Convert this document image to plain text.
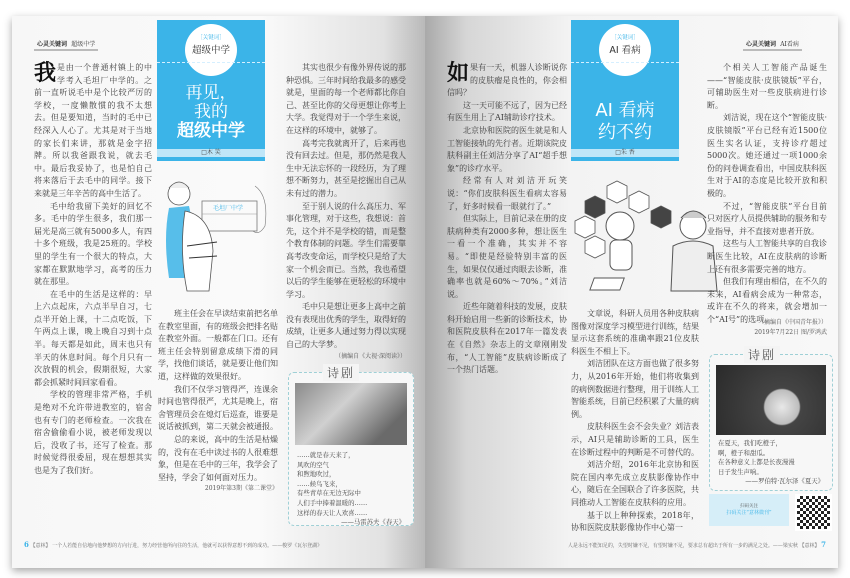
心灵关键词 超级中学

我是由一个普通村镇上的中学考入毛坦厂中学的。之前一直听说毛中是个比较严厉的学校，一度懒散惯的我不太想去。但是要知道，当时的毛中已经深入人心了。尤其是对于当地的家长们来讲，那就是金字招牌。所以我爸跟我说，就去毛中。最后我妥协了，也是怕自己将来落后于去毛中的同学。接下来就是三年辛苦的高中生活了。

毛中给我留下美好的回忆不多。毛中的学生很多，我们那一届光是高三就有5000多人，有四十多个班级，我是25班的。学校里的学生有一个很大的特点，大家都在默默地学习，高考的压力就在那里。

在毛中的生活是这样的：早上六点起床，六点半早自习，七点半开始上课，十二点吃饭，下午两点上课，晚上晚自习到十点半。每天都是如此，周末也只有半天的休息时间。每个月只有一次放假的机会，假期很短，大家都会抓紧时间回家看看。

学校的管理非常严格，手机是绝对不允许带进教室的，宿舍也有专门的老师检查。一次我在宿舍偷偷看小说，被老师发现以后，没收了书，还写了检查。那时候觉得很委屈，现在想想其实也是为了我们好。

［关键词］
超级中学
再见，
我的
超级中学
□木 笑
毛坦厂中学

班主任会在早读结束前把名单在教室里面，有的班级会把排名贴在教室外面。一般都在门口。还有班主任会特别留意成绩下滑的同学，找他们谈话，就是要让他们知道，这样做的效果很好。

我们不仅学习管得严，连课余时间也管得很严，尤其是晚上，宿舍管理员会在熄灯后巡查，谁要是说话被抓到，第二天就会被通报。

总的来说，高中的生活是枯燥的，没有在毛中读过书的人很难想象，但是在毛中的三年，我学会了坚持，学会了如何面对压力。

2019年第3期《第二课堂》

其实也很少有像外界传说的那种恐惧。三年时间给我最多的感受就是，里面的每一个老师都比你自己、甚至比你的父母更想让你考上大学。我觉得对于一个学生来说，在这样的环境中，就够了。

高考完我就离开了，后来再也没有回去过。但是，那仍然是我人生中无法忘怀的一段经历，为了理想不断努力，甚至是挖掘出自己从未有过的潜力。

至于别人说的什么高压力、军事化管理，对于这些，我想说：首先，这个并不是学校的错，而是整个教育体制的问题。学生们需要靠高考改变命运，而学校只是给了大家一个机会而已。当然，我也希望以后的学生能够在更轻松的环境中学习。

毛中只是想让更多上高中之前没有表现出优秀的学生，取得好的成绩，让更多人通过努力得以实现自己的大学梦。

（摘编自《大视·深阅读》）
诗剧
……就是春天来了，
风吹的空气
和煦地吹过，
……候鸟飞来，
有些青草在无边无际中
人们手中捧着温暖的……
这样的春天让人欢喜……
——马雷苏夫《春天》
6 【意林】 一个人若能自信地向他梦想的方向行进，努力经营他所向往的生活，他就可以获得意想不到的成功。——梭罗《瓦尔登湖》
心灵关键词 AI看病

如果有一天，机器人诊断说你的皮肤瘤是良性的，你会相信吗？

这一天可能不远了，因为已经有医生用上了AI辅助诊疗技术。

北京协和医院的医生就是和人工智能接轨的先行者。近期该院皮肤科副主任刘洁分享了AI“超手想象”的诊疗水平。

经常有人对刘洁开玩笑说：“你们皮肤科医生看病太容易了，好多时候看一眼就行了。”

但实际上，目前记录在册的皮肤病种类有2000多种，想让医生一看一个准确，其实并不容易。“即使是经验特别丰富的医生，如果仅仅通过肉眼去诊断，准确率也就是60%～70%。”刘洁说。

近些年随着科技的发展，皮肤科开始启用一些新的诊断技术，协和医院皮肤科在2017年一篇发表在《自然》杂志上的文章刚刚发布，“人工智能”皮肤病诊断成了一个热门话题。

［关键词］
AI 看病
AI 看病
约不约
□朱 香

文章说，科研人员用各种皮肤病图像对深度学习模型进行训练，结果显示这套系统的准确率跟21位皮肤科医生不相上下。

刘洁团队在这方面也做了很多努力，从2016年开始，他们将收集到的病例数据进行整理，用于训练人工智能系统，目前已经积累了大量的病例。

皮肤科医生会不会失业？刘洁表示，AI只是辅助诊断的工具，医生在诊断过程中的判断是不可替代的。

刘洁介绍，2016年北京协和医院在国内率先成立皮肤影像协作中心，随后在全国联合了许多医院，共同推动人工智能在皮肤科的应用。

基于以上种种探索，2018年，协和医院皮肤影像协作中心第一

个相关人工智能产品诞生——“智能皮肤·皮肤镜版”平台，可辅助医生对一些皮肤病进行诊断。

刘洁说，现在这个“智能皮肤·皮肤镜版”平台已经有近1500位医生实名认证，支持诊疗超过5000次。她还通过一项1000余份的问卷调查看出，中国皮肤科医生对于AI的态度是比较开放和积极的。

不过，“智能皮肤”平台目前只对医疗人员提供辅助的服务和专业指导，并不直接对患者开放。

这些与人工智能共享的自我诊断医生比较，AI在皮肤病的诊断上还有很多需要完善的地方。

但我们有理由相信，在不久的未来，AI看病会成为一种常态，或许在不久的将来，就会增加一个“AI号”的选项。

（摘编自《中国青年报》）
2019年7月22日 图/罗鸿武
诗剧
在夏天，我们吃橙子，
啊，橙子和甜瓜。
在各种意义上都是长夜漫漫
日子发生声响。
——罗伯特·瓦尔泽《夏天》
扫码关注
扫码关注“意林微刊”
人是永远不能知足的，失望时嫌不足，有望时嫌不足，要求总有超出于所有一步的满足之处。——梁实秋 【意林】 7
